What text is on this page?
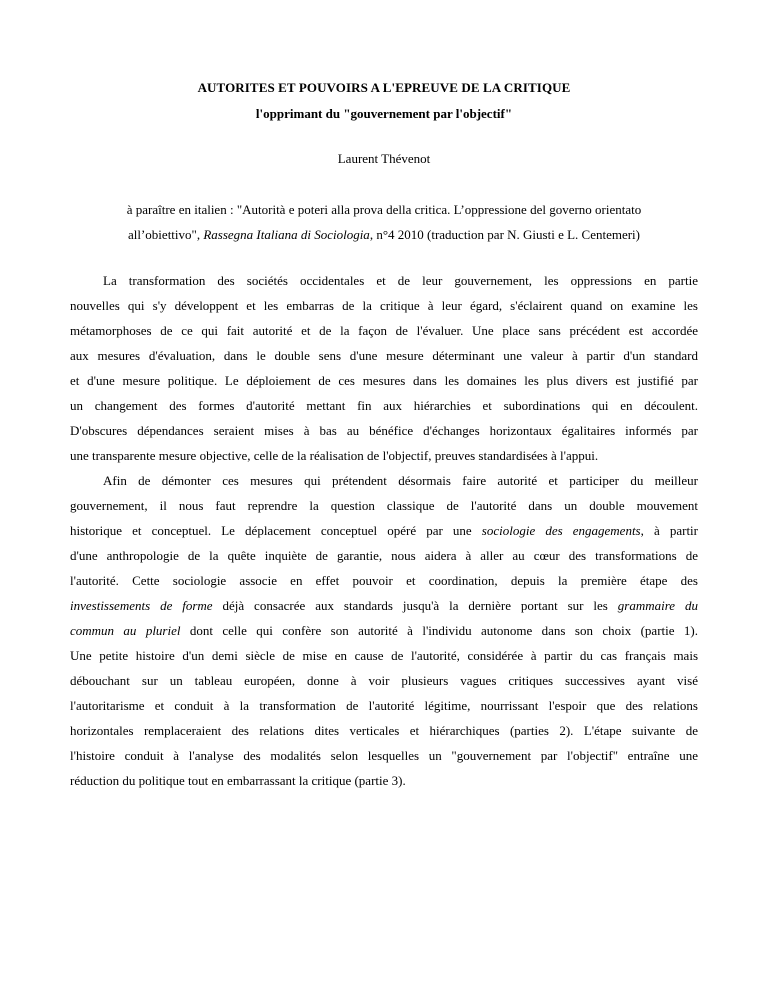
AUTORITES ET POUVOIRS A L'EPREUVE DE LA CRITIQUE
l'opprimant du "gouvernement par l'objectif"
Laurent Thévenot
à paraître en italien : "Autorità e poteri alla prova della critica. L’oppressione del governo orientato
all’obiettivo", Rassegna Italiana di Sociologia, n°4 2010 (traduction par N. Giusti e L. Centemeri)
La transformation des sociétés occidentales et de leur gouvernement, les oppressions en partie
nouvelles qui s'y développent et les embarras de la critique à leur égard, s'éclairent quand on examine les
métamorphoses de ce qui fait autorité et de la façon de l'évaluer. Une place sans précédent est accordée
aux mesures d'évaluation, dans le double sens d'une mesure déterminant une valeur à partir d'un standard
et d'une mesure politique. Le déploiement de ces mesures dans les domaines les plus divers est justifié par
un changement des formes d'autorité mettant fin aux hiérarchies et subordinations qui en découlent.
D'obscures dépendances seraient mises à bas au bénéfice d'échanges horizontaux égalitaires informés par
une transparente mesure objective, celle de la réalisation de l'objectif, preuves standardisées à l'appui.
Afin de démonter ces mesures qui prétendent désormais faire autorité et participer du meilleur
gouvernement, il nous faut reprendre la question classique de l'autorité dans un double mouvement
historique et conceptuel. Le déplacement conceptuel opéré par une sociologie des engagements, à partir
d'une anthropologie de la quête inquiète de garantie, nous aidera à aller au cœur des transformations de
l'autorité. Cette sociologie associe en effet pouvoir et coordination, depuis la première étape des
investissements de forme déjà consacrée aux standards jusqu'à la dernière portant sur les grammaire du
commun au pluriel dont celle qui confère son autorité à l'individu autonome dans son choix (partie 1).
Une petite histoire d'un demi siècle de mise en cause de l'autorité, considérée à partir du cas français mais
débouchant sur un tableau européen, donne à voir plusieurs vagues critiques successives ayant visé
l'autoritarisme et conduit à la transformation de l'autorité légitime, nourrissant l'espoir que des relations
horizontales remplaceraient des relations dites verticales et hiérarchiques (parties 2). L'étape suivante de
l'histoire conduit à l'analyse des modalités selon lesquelles un "gouvernement par l'objectif" entraîne une
réduction du politique tout en embarrassant la critique (partie 3).
